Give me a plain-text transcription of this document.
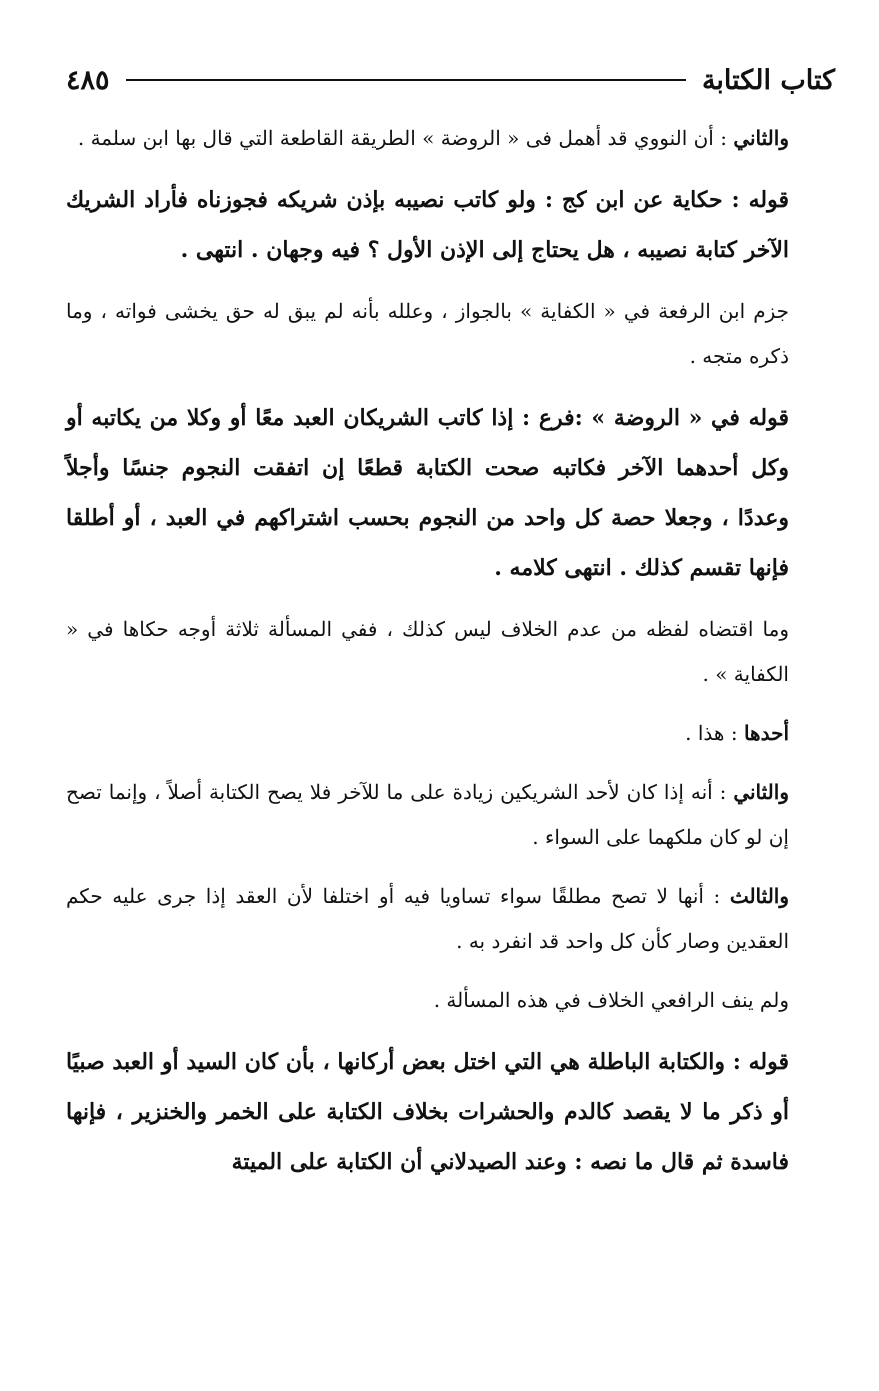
٤٨٥	كتاب الكتابة

والثاني : أن النووي قد أهمل فى « الروضة » الطريقة القاطعة التي قال بها ابن سلمة .

قوله : حكاية عن ابن كج : ولو كاتب نصيبه بإذن شريكه فجوزناه فأراد الشريك الآخر كتابة نصيبه ، هل يحتاج إلى الإذن الأول ؟ فيه وجهان . انتهى .

جزم ابن الرفعة في « الكفاية » بالجواز ، وعلله بأنه لم يبق له حق يخشى فواته ، وما ذكره متجه .

قوله في « الروضة » :فرع : إذا كاتب الشريكان العبد معًا أو وكلا من يكاتبه أو وكل أحدهما الآخر فكاتبه صحت الكتابة قطعًا إن اتفقت النجوم جنسًا وأجلاً وعددًا ، وجعلا حصة كل واحد من النجوم بحسب اشتراكهم في العبد ، أو أطلقا فإنها تقسم كذلك . انتهى كلامه .

وما اقتضاه لفظه من عدم الخلاف ليس كذلك ، ففي المسألة ثلاثة أوجه حكاها في « الكفاية » .

أحدها : هذا .

والثاني : أنه إذا كان لأحد الشريكين زيادة على ما للآخر فلا يصح الكتابة أصلاً ، وإنما تصح إن لو كان ملكهما على السواء .

والثالث : أنها لا تصح مطلقًا سواء تساويا فيه أو اختلفا لأن العقد إذا جرى عليه حكم العقدين وصار كأن كل واحد قد انفرد به .

ولم ينف الرافعي الخلاف في هذه المسألة .

قوله : والكتابة الباطلة هي التي اختل بعض أركانها ، بأن كان السيد أو العبد صبيًا أو ذكر ما لا يقصد كالدم والحشرات بخلاف الكتابة على الخمر والخنزير ، فإنها فاسدة ثم قال ما نصه : وعند الصيدلاني أن الكتابة على الميتة
